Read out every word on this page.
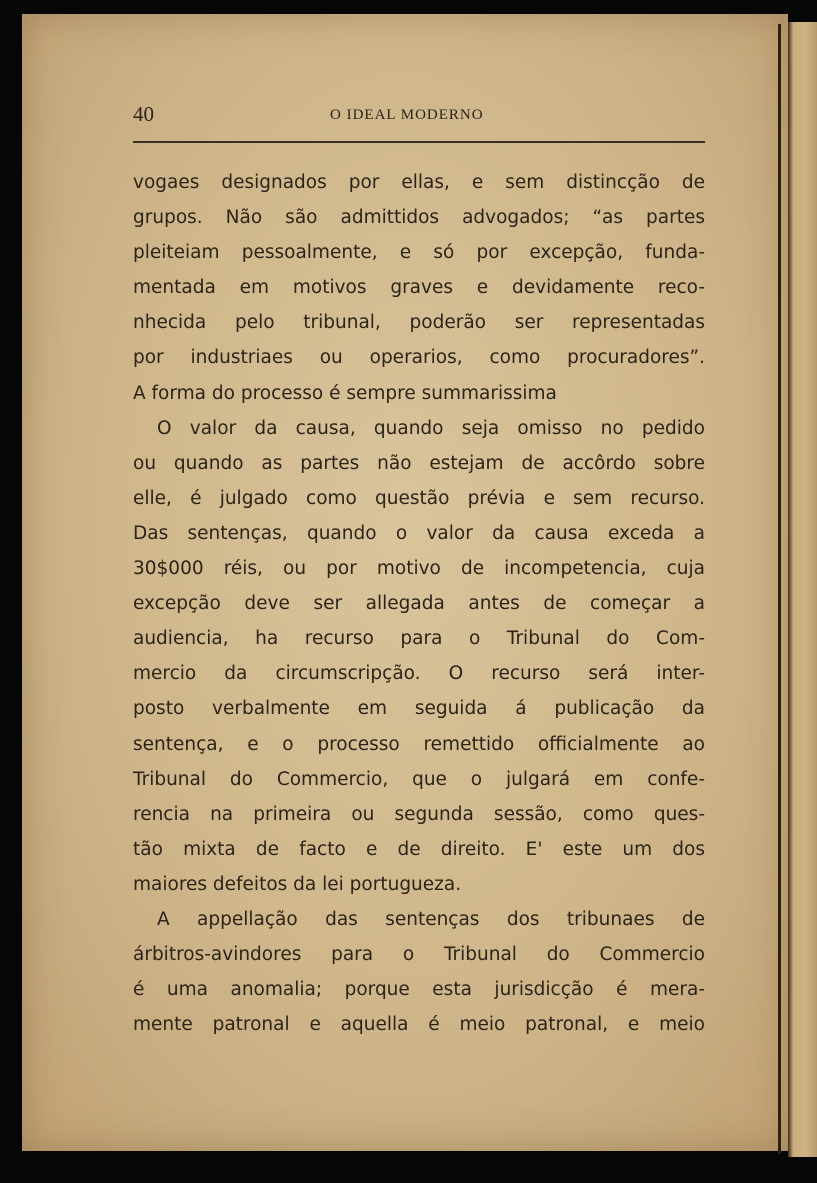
40	O IDEAL MODERNO
vogaes designados por ellas, e sem distincção de
grupos. Não são admittidos advogados; “as partes
pleiteiam pessoalmente, e só por excepção, funda-
mentada em motivos graves e devidamente reco-
nhecida pelo tribunal, poderão ser representadas
por industriaes ou operarios, como procuradores”.
A forma do processo é sempre summarissima
O valor da causa, quando seja omisso no pedido
ou quando as partes não estejam de accôrdo sobre
elle, é julgado como questão prévia e sem recurso.
Das sentenças, quando o valor da causa exceda a
30$000 réis, ou por motivo de incompetencia, cuja
excepção deve ser allegada antes de começar a
audiencia, ha recurso para o Tribunal do Com-
mercio da circumscripção. O recurso será inter-
posto verbalmente em seguida á publicação da
sentença, e o processo remettido officialmente ao
Tribunal do Commercio, que o julgará em confe-
rencia na primeira ou segunda sessão, como ques-
tão mixta de facto e de direito. E' este um dos
maiores defeitos da lei portugueza.
A appellação das sentenças dos tribunaes de
árbitros-avindores para o Tribunal do Commercio
é uma anomalia; porque esta jurisdicção é mera-
mente patronal e aquella é meio patronal, e meio
